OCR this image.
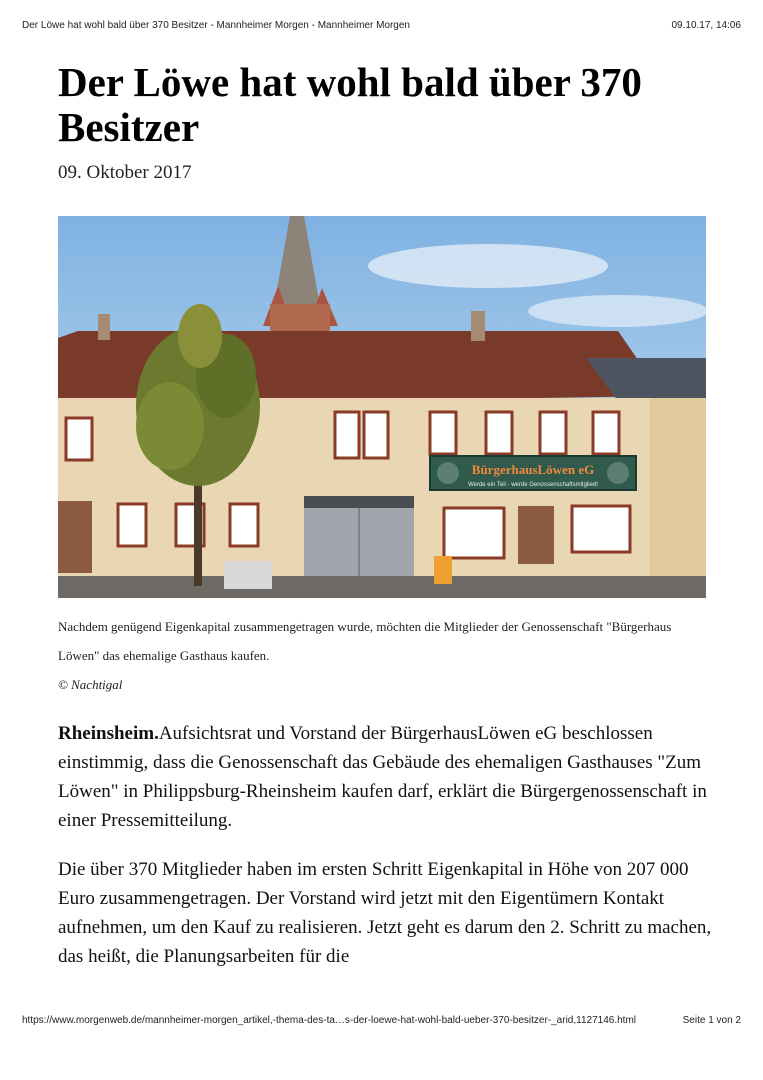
Der Löwe hat wohl bald über 370 Besitzer - Mannheimer Morgen - Mannheimer Morgen	09.10.17, 14:06
Der Löwe hat wohl bald über 370 Besitzer
09. Oktober 2017
BürgerhausLöwen eG
Werde ein Teil - werde Genossenschaftsmitglied!

Nachdem genügend Eigenkapital zusammengetragen wurde, möchten die Mitglieder der Genossenschaft "Bürgerhaus Löwen" das ehemalige Gasthaus kaufen.

© Nachtigal

Rheinsheim.Aufsichtsrat und Vorstand der BürgerhausLöwen eG beschlossen einstimmig, dass die Genossenschaft das Gebäude des ehemaligen Gasthauses "Zum Löwen" in Philippsburg-Rheinsheim kaufen darf, erklärt die Bürgergenossenschaft in einer Pressemitteilung.

Die über 370 Mitglieder haben im ersten Schritt Eigenkapital in Höhe von 207 000 Euro zusammengetragen. Der Vorstand wird jetzt mit den Eigentümern Kontakt aufnehmen, um den Kauf zu realisieren. Jetzt geht es darum den 2. Schritt zu machen, das heißt, die Planungsarbeiten für die

https://www.morgenweb.de/mannheimer-morgen_artikel,-thema-des-ta…s-der-loewe-hat-wohl-bald-ueber-370-besitzer-_arid,1127146.html	Seite 1 von 2
